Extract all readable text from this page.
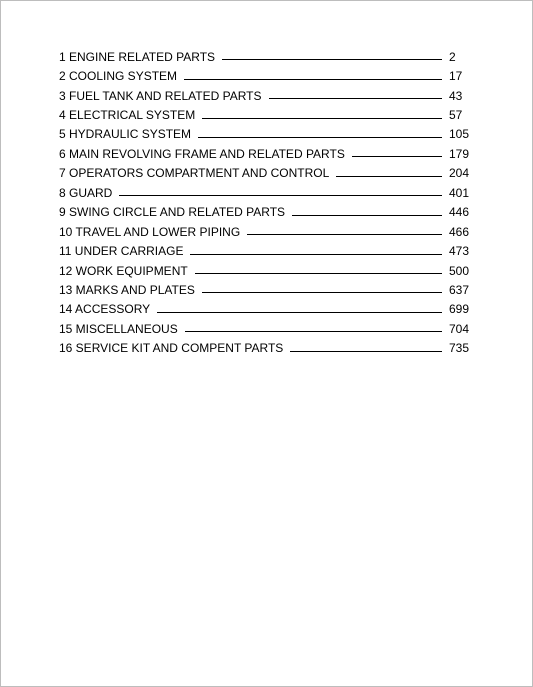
1 ENGINE RELATED PARTS	2
2 COOLING SYSTEM	17
3 FUEL TANK AND RELATED PARTS	43
4 ELECTRICAL SYSTEM	57
5 HYDRAULIC SYSTEM	105
6 MAIN REVOLVING FRAME AND RELATED PARTS	179
7 OPERATORS COMPARTMENT AND CONTROL	204
8 GUARD	401
9 SWING CIRCLE AND RELATED PARTS	446
10 TRAVEL AND LOWER PIPING	466
11 UNDER CARRIAGE	473
12 WORK EQUIPMENT	500
13 MARKS AND PLATES	637
14 ACCESSORY	699
15 MISCELLANEOUS	704
16 SERVICE KIT AND COMPENT PARTS	735
